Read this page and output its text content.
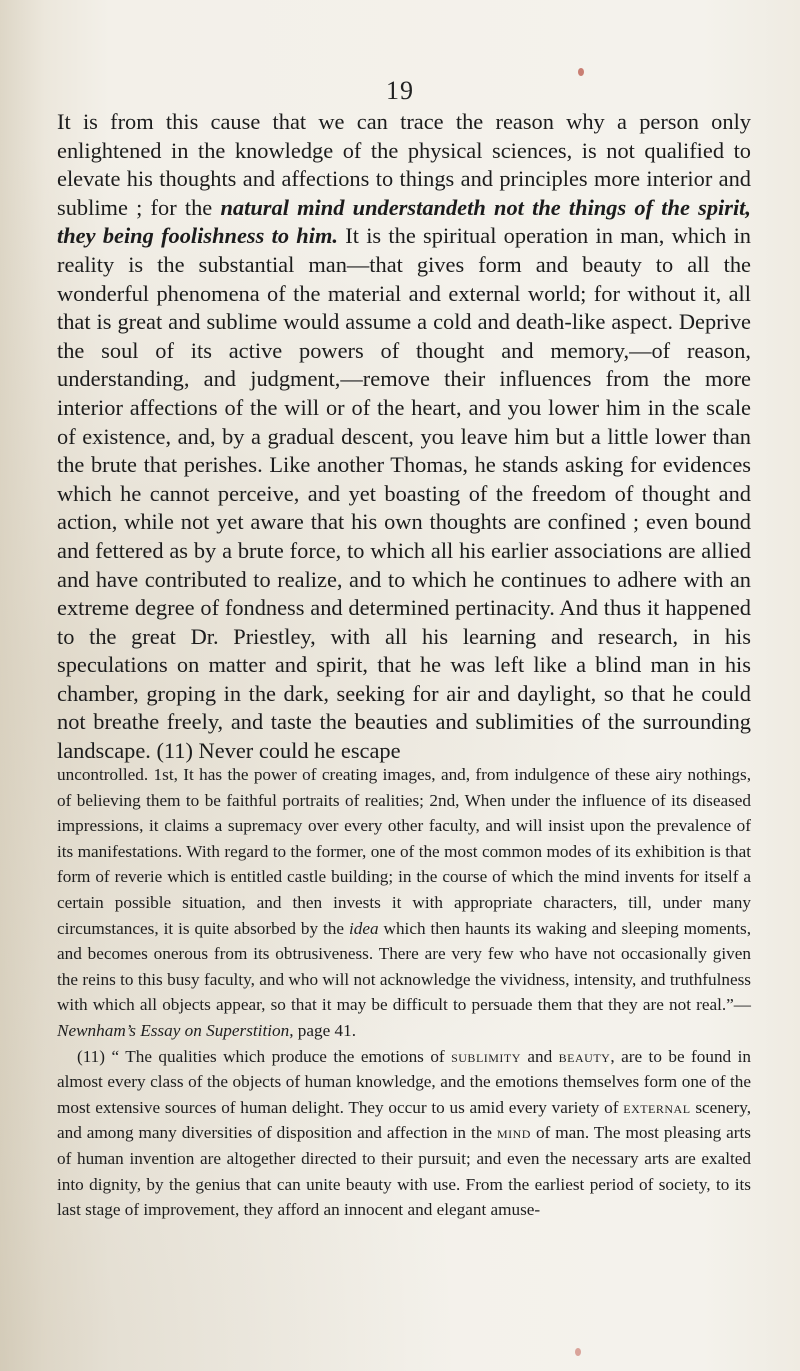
19

It is from this cause that we can trace the reason why a person only enlightened in the knowledge of the physical sciences, is not qualified to elevate his thoughts and affections to things and principles more interior and sublime ; for the natural mind understandeth not the things of the spirit, they being foolishness to him. It is the spiritual operation in man, which in reality is the substantial man—that gives form and beauty to all the wonderful phenomena of the material and external world; for without it, all that is great and sublime would assume a cold and death-like aspect. Deprive the soul of its active powers of thought and memory,—of reason, understanding, and judgment,—remove their influences from the more interior affections of the will or of the heart, and you lower him in the scale of existence, and, by a gradual descent, you leave him but a little lower than the brute that perishes. Like another Thomas, he stands asking for evidences which he cannot perceive, and yet boasting of the freedom of thought and action, while not yet aware that his own thoughts are confined ; even bound and fettered as by a brute force, to which all his earlier associations are allied and have contributed to realize, and to which he continues to adhere with an extreme degree of fondness and determined pertinacity. And thus it happened to the great Dr. Priestley, with all his learning and research, in his speculations on matter and spirit, that he was left like a blind man in his chamber, groping in the dark, seeking for air and daylight, so that he could not breathe freely, and taste the beauties and sublimities of the surrounding landscape. (11) Never could he escape

uncontrolled. 1st, It has the power of creating images, and, from indulgence of these airy nothings, of believing them to be faithful portraits of realities; 2nd, When under the influence of its diseased impressions, it claims a supremacy over every other faculty, and will insist upon the prevalence of its manifestations. With regard to the former, one of the most common modes of its exhibition is that form of reverie which is entitled castle building; in the course of which the mind invents for itself a certain possible situation, and then invests it with appropriate characters, till, under many circumstances, it is quite absorbed by the idea which then haunts its waking and sleeping moments, and becomes onerous from its obtrusiveness. There are very few who have not occasionally given the reins to this busy faculty, and who will not acknowledge the vividness, intensity, and truthfulness with which all objects appear, so that it may be difficult to persuade them that they are not real.”—Newnham’s Essay on Superstition, page 41.

(11) “ The qualities which produce the emotions of sublimity and beauty, are to be found in almost every class of the objects of human knowledge, and the emotions themselves form one of the most extensive sources of human delight. They occur to us amid every variety of external scenery, and among many diversities of disposition and affection in the mind of man. The most pleasing arts of human invention are altogether directed to their pursuit; and even the necessary arts are exalted into dignity, by the genius that can unite beauty with use. From the earliest period of society, to its last stage of improvement, they afford an innocent and elegant amuse-
